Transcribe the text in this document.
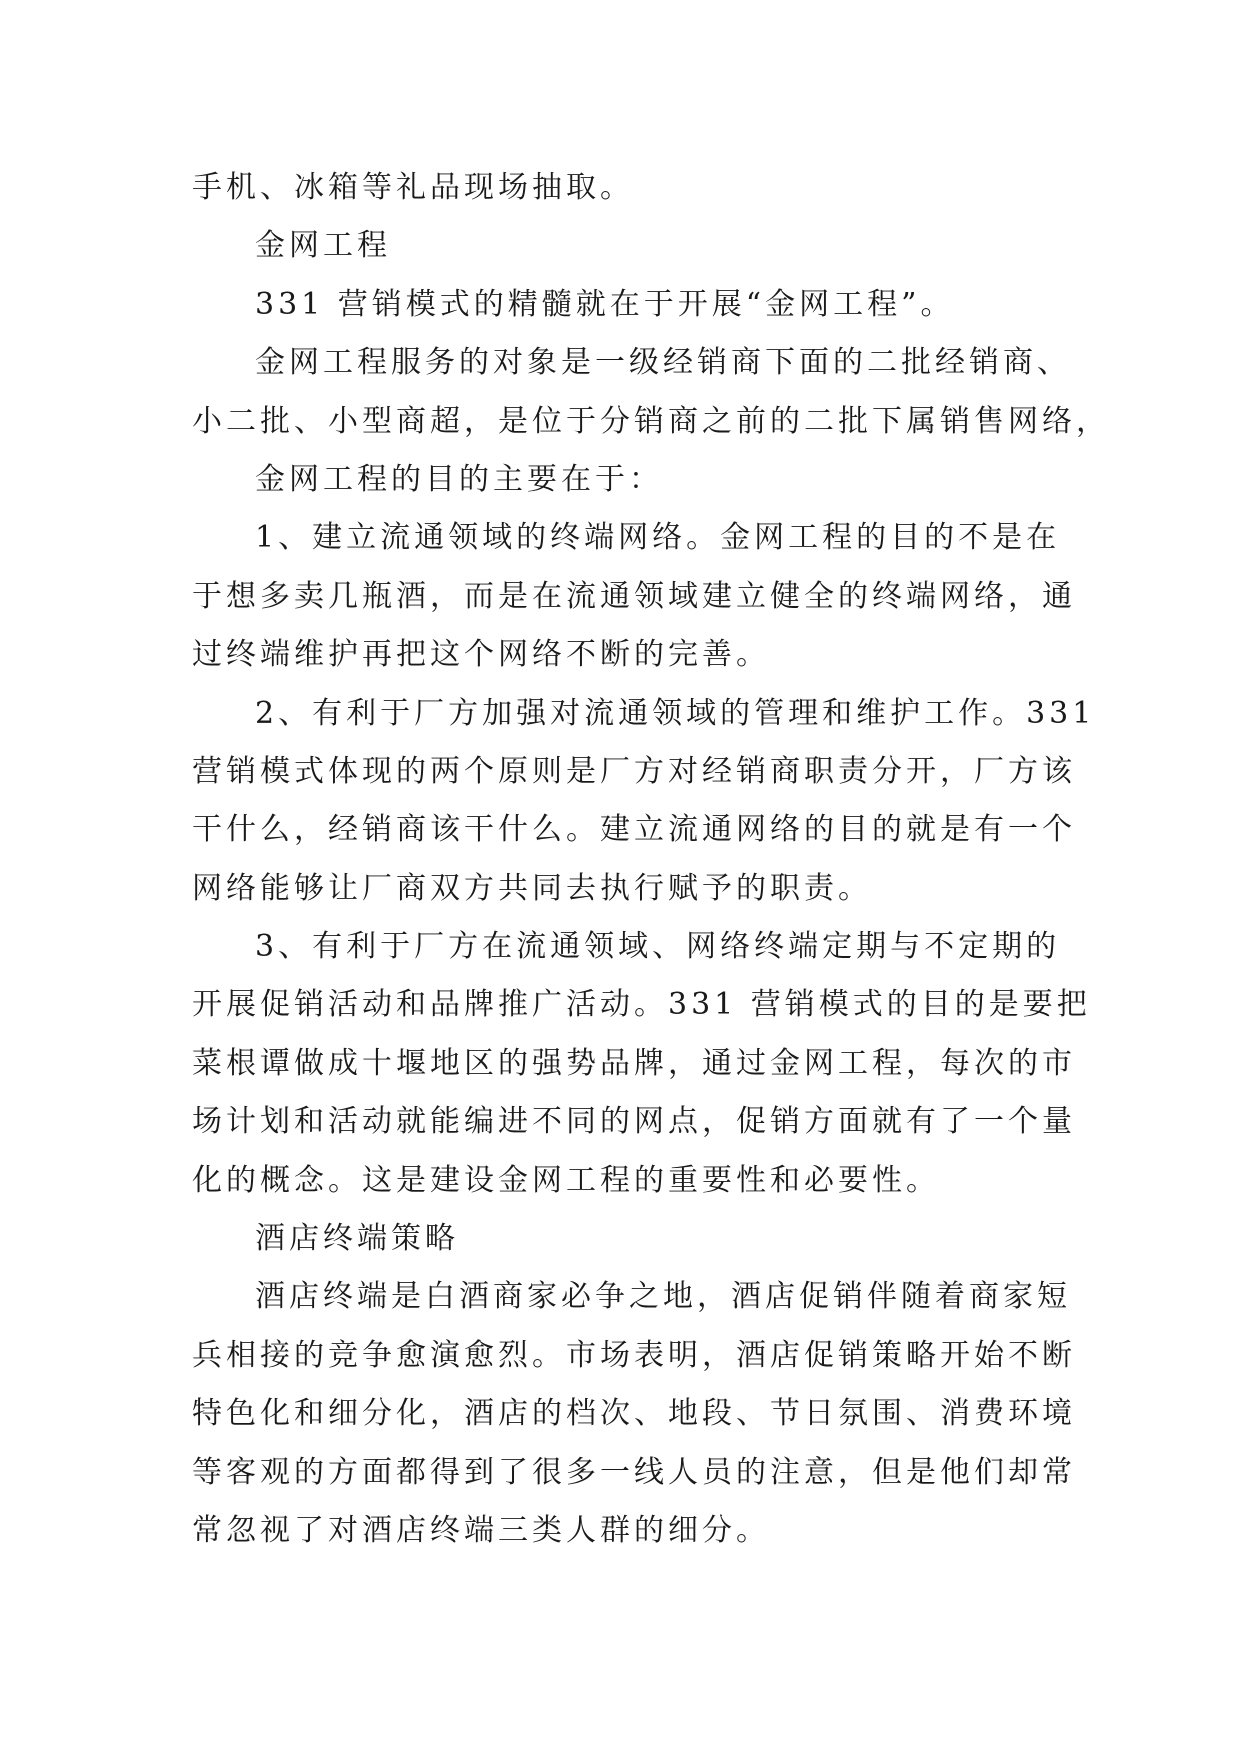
手机、冰箱等礼品现场抽取。
金网工程
331 营销模式的精髓就在于开展“金网工程”。
金网工程服务的对象是一级经销商下面的二批经销商、
小二批、小型商超，是位于分销商之前的二批下属销售网络，
金网工程的目的主要在于：
1、建立流通领域的终端网络。金网工程的目的不是在
于想多卖几瓶酒，而是在流通领域建立健全的终端网络，通
过终端维护再把这个网络不断的完善。
2、有利于厂方加强对流通领域的管理和维护工作。331
营销模式体现的两个原则是厂方对经销商职责分开，厂方该
干什么，经销商该干什么。建立流通网络的目的就是有一个
网络能够让厂商双方共同去执行赋予的职责。
3、有利于厂方在流通领域、网络终端定期与不定期的
开展促销活动和品牌推广活动。331 营销模式的目的是要把
菜根谭做成十堰地区的强势品牌，通过金网工程，每次的市
场计划和活动就能编进不同的网点，促销方面就有了一个量
化的概念。这是建设金网工程的重要性和必要性。
酒店终端策略
酒店终端是白酒商家必争之地，酒店促销伴随着商家短
兵相接的竞争愈演愈烈。市场表明，酒店促销策略开始不断
特色化和细分化，酒店的档次、地段、节日氛围、消费环境
等客观的方面都得到了很多一线人员的注意，但是他们却常
常忽视了对酒店终端三类人群的细分。
